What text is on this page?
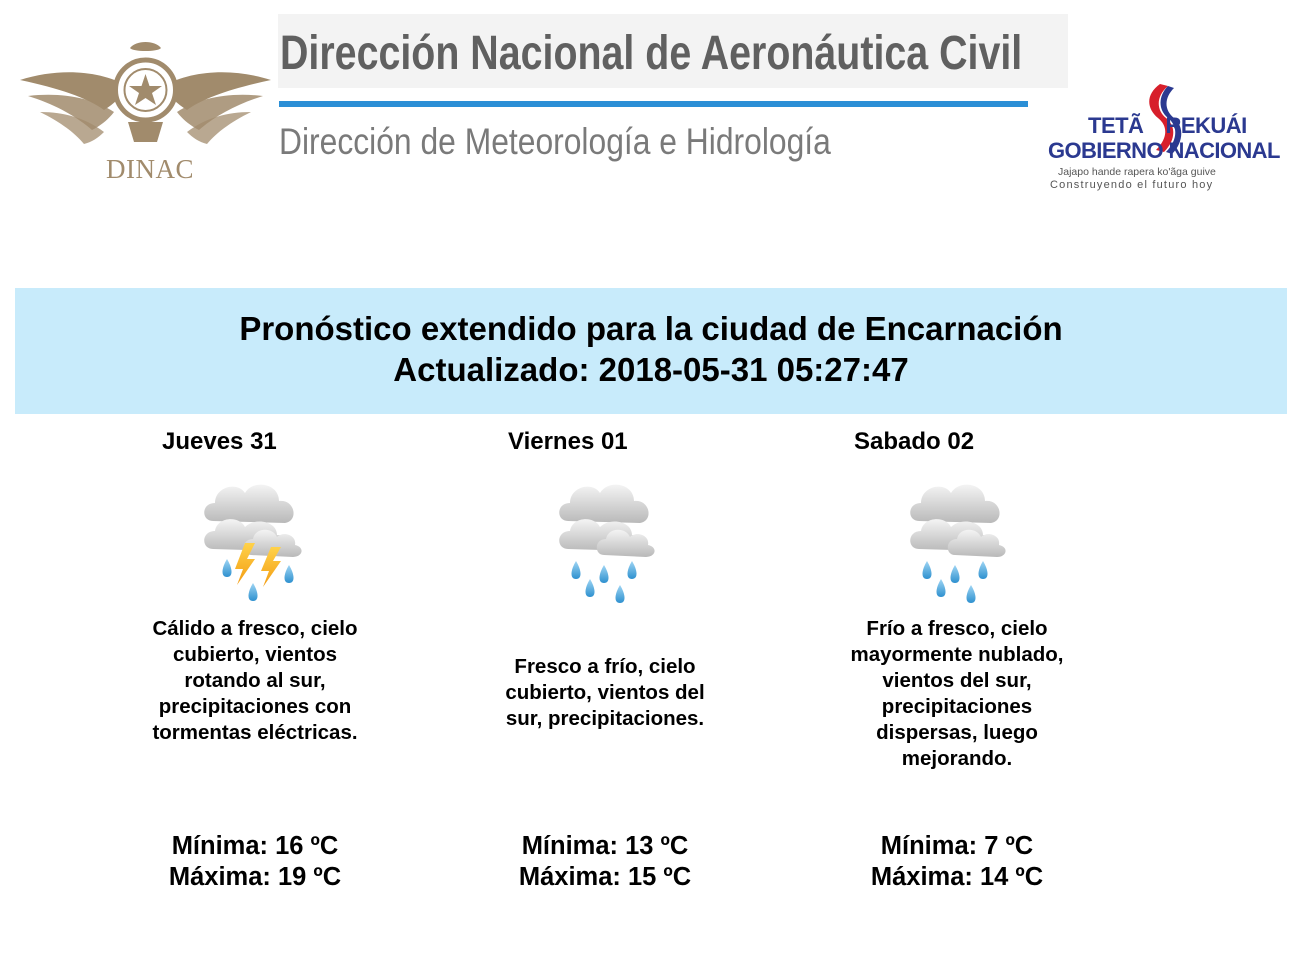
DINAC
Dirección Nacional de Aeronáutica Civil
Dirección de Meteorología e Hidrología	TETÃ REKUÁI
GOBIERNO NACIONAL
Jajapo hande rapera ko'ãga guive
Construyendo el futuro hoy
Pronóstico extendido para la ciudad de Encarnación
Actualizado: 2018-05-31 05:27:47
Jueves 31
Cálido a fresco, cielo cubierto, vientos rotando al sur, precipitaciones con tormentas eléctricas.
Mínima: 16 ºC
Máxima: 19 ºC
Viernes 01
Fresco a frío, cielo cubierto, vientos del sur, precipitaciones.
Mínima: 13 ºC
Máxima: 15 ºC
Sabado 02
Frío a fresco, cielo mayormente nublado, vientos del sur, precipitaciones dispersas, luego mejorando.
Mínima: 7 ºC
Máxima: 14 ºC
